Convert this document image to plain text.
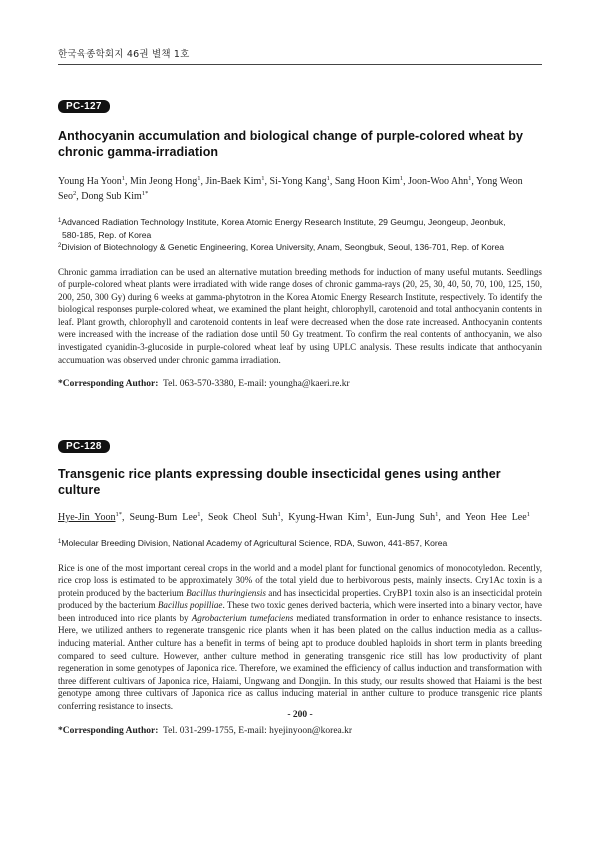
한국육종학회지 46권 별책 1호
PC-127
Anthocyanin accumulation and biological change of purple-colored wheat by chronic gamma-irradiation
Young Ha Yoon$^1$, Min Jeong Hong$^1$, Jin-Baek Kim$^1$, Si-Yong Kang$^1$, Sang Hoon Kim$^1$, Joon-Woo Ahn$^1$, Yong Weon Seo$^2$, Dong Sub Kim$^{1*}$
$^1$Advanced Radiation Technology Institute, Korea Atomic Energy Research Institute, 29 Geumgu, Jeongeup, Jeonbuk,
580-185, Rep. of Korea
$^2$Division of Biotechnology & Genetic Engineering, Korea University, Anam, Seongbuk, Seoul, 136-701, Rep. of Korea
Chronic gamma irradiation can be used an alternative mutation breeding methods for induction of many useful mutants. Seedlings of purple-colored wheat plants were irradiated with wide range doses of chronic gamma-rays (20, 25, 30, 40, 50, 70, 100, 125, 150, 200, 250, 300 Gy) during 6 weeks at gamma-phytotron in the Korea Atomic Energy Research Institute, respectively. To identify the biological responses purple-colored wheat, we examined the plant height, chlorophyll, carotenoid and total anthocyanin contents in leaf. Plant growth, chlorophyll and carotenoid contents in leaf were decreased when the dose rate increased. Anthocyanin contents were increased with the increase of the radiation dose until 50 Gy treatment. To confirm the real contents of anthocyanin, we also investigated cyanidin-3-glucoside in purple-colored wheat leaf by using UPLC analysis. These results indicate that anthocyanin accumuation was observed under chronic gamma irradiation.
*Corresponding Author: Tel. 063-570-3380, E-mail: youngha@kaeri.re.kr
PC-128
Transgenic rice plants expressing double insecticidal genes using anther culture
Hye-Jin Yoon$^{1*}$, Seung-Bum Lee$^1$, Seok Cheol Suh$^1$, Kyung-Hwan Kim$^1$, Eun-Jung Suh$^1$, and Yeon Hee Lee$^1$
$^1$Molecular Breeding Division, National Academy of Agricultural Science, RDA, Suwon, 441-857, Korea
Rice is one of the most important cereal crops in the world and a model plant for functional genomics of monocotyledon. Recently, rice crop loss is estimated to be approximately 30% of the total yield due to herbivorous pests, mainly insects. Cry1Ac toxin is a protein produced by the bacterium Bacillus thuringiensis and has insecticidal properties. CryBP1 toxin also is an insecticidal protein produced by the bacterium Bacillus popilliae. These two toxic genes derived bacteria, which were inserted into a binary vector, have been introduced into rice plants by Agrobacterium tumefaciens mediated transformation in order to enhance resistance to insects. Here, we utilized anthers to regenerate transgenic rice plants when it has been plated on the callus induction media as a callus-inducing material. Anther culture has a benefit in terms of being apt to produce doubled haploids in short term in plants breeding compared to seed culture. However, anther culture method in generating transgenic rice still has low productivity of plant regeneration in some genotypes of Japonica rice. Therefore, we examined the efficiency of callus induction and transformation with three different cultivars of Japonica rice, Haiami, Ungwang and Dongjin. In this study, our results showed that Haiami is the best genotype among three cultivars of Japonica rice as callus inducing material in anther culture to produce transgenic rice plants conferring resistance to insects.
*Corresponding Author: Tel. 031-299-1755, E-mail: hyejinyoon@korea.kr
- 200 -
